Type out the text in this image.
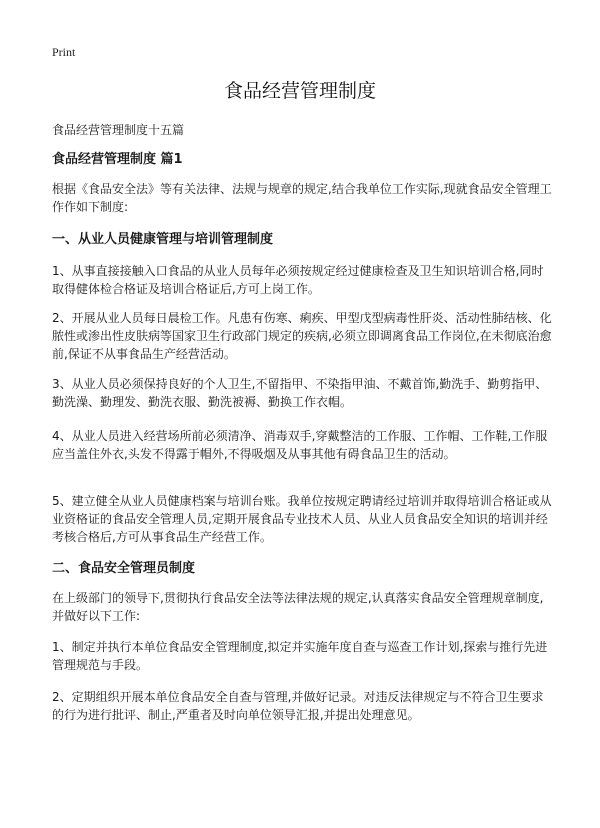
Print
食品经营管理制度
食品经营管理制度十五篇
食品经营管理制度 篇1
根据《食品安全法》等有关法律、法规与规章的规定,结合我单位工作实际,现就食品安全管理工作作如下制度:
一、从业人员健康管理与培训管理制度
1、从事直接接触入口食品的从业人员每年必须按规定经过健康检查及卫生知识培训合格,同时取得健体检合格证及培训合格证后,方可上岗工作。
2、开展从业人员每日晨检工作。凡患有伤寒、痢疾、甲型戊型病毒性肝炎、活动性肺结核、化脓性或渗出性皮肤病等国家卫生行政部门规定的疾病,必须立即调离食品工作岗位,在未彻底治愈前,保证不从事食品生产经营活动。
3、从业人员必须保持良好的个人卫生,不留指甲、不染指甲油、不戴首饰,勤洗手、勤剪指甲、勤洗澡、勤理发、勤洗衣服、勤洗被褥、勤换工作衣帽。
4、从业人员进入经营场所前必须清净、消毒双手,穿戴整洁的工作服、工作帽、工作鞋,工作服应当盖住外衣,头发不得露于帽外,不得吸烟及从事其他有碍食品卫生的活动。
5、建立健全从业人员健康档案与培训台账。我单位按规定聘请经过培训并取得培训合格证或从业资格证的食品安全管理人员,定期开展食品专业技术人员、从业人员食品安全知识的培训并经考核合格后,方可从事食品生产经营工作。
二、食品安全管理员制度
在上级部门的领导下,贯彻执行食品安全法等法律法规的规定,认真落实食品安全管理规章制度,并做好以下工作:
1、制定并执行本单位食品安全管理制度,拟定并实施年度自查与巡查工作计划,探索与推行先进管理规范与手段。
2、定期组织开展本单位食品安全自查与管理,并做好记录。对违反法律规定与不符合卫生要求的行为进行批评、制止,严重者及时向单位领导汇报,并提出处理意见。
